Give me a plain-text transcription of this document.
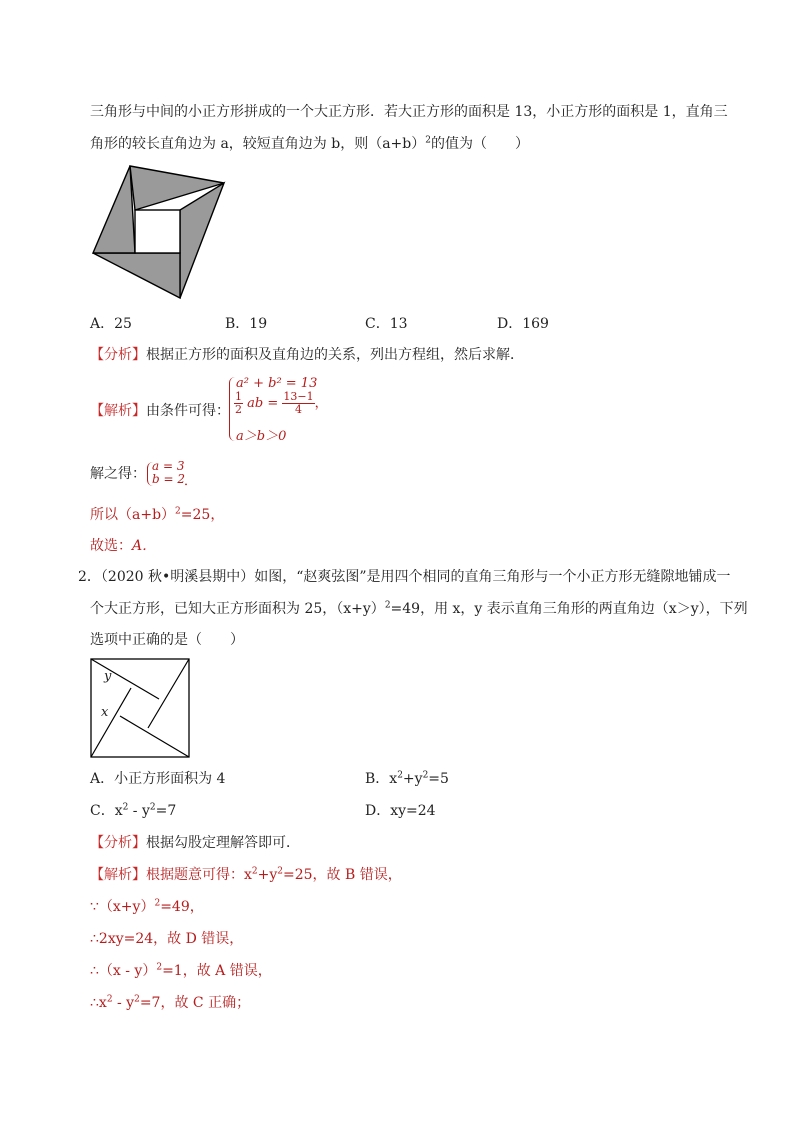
三角形与中间的小正方形拼成的一个大正方形．若大正方形的面积是 13，小正方形的面积是 1，直角三
角形的较长直角边为 a，较短直角边为 b，则$(a+b)^2$的值为（　　）
A．25	B．19	C．13	D．169
【分析】根据正方形的面积及直角边的关系，列出方程组，然后求解．
【解析】由条件可得：
a² + b² = 13
$\frac{1}{2}$ ab = $\frac{13-1}{4}$ ，
a＞b＞0
解之得： a = 3
b = 2 ．
所以$(a+b)^2=25$，
故选：A．
2．（2020 秋•明溪县期中）如图，“赵爽弦图”是用四个相同的直角三角形与一个小正方形无缝隙地铺成一
个大正方形，已知大正方形面积为 25，$(x+y)^2=49$，用 x，y 表示直角三角形的两直角边（x＞y），下列
选项中正确的是（　　）
y
x
A．小正方形面积为 4	B．$x^2+y^2=5$
C．$x^2 - y^2=7$	D．xy=24
【分析】根据勾股定理解答即可．
【解析】根据题意可得：$x^2+y^2=25$，故 B 错误，
$\because(x+y)^2=49$，
∴2xy=24，故 D 错误，
∴（x - y）$^2$=1，故 A 错误，
$\therefore x^2 - y^2=7$，故 C 正确；
